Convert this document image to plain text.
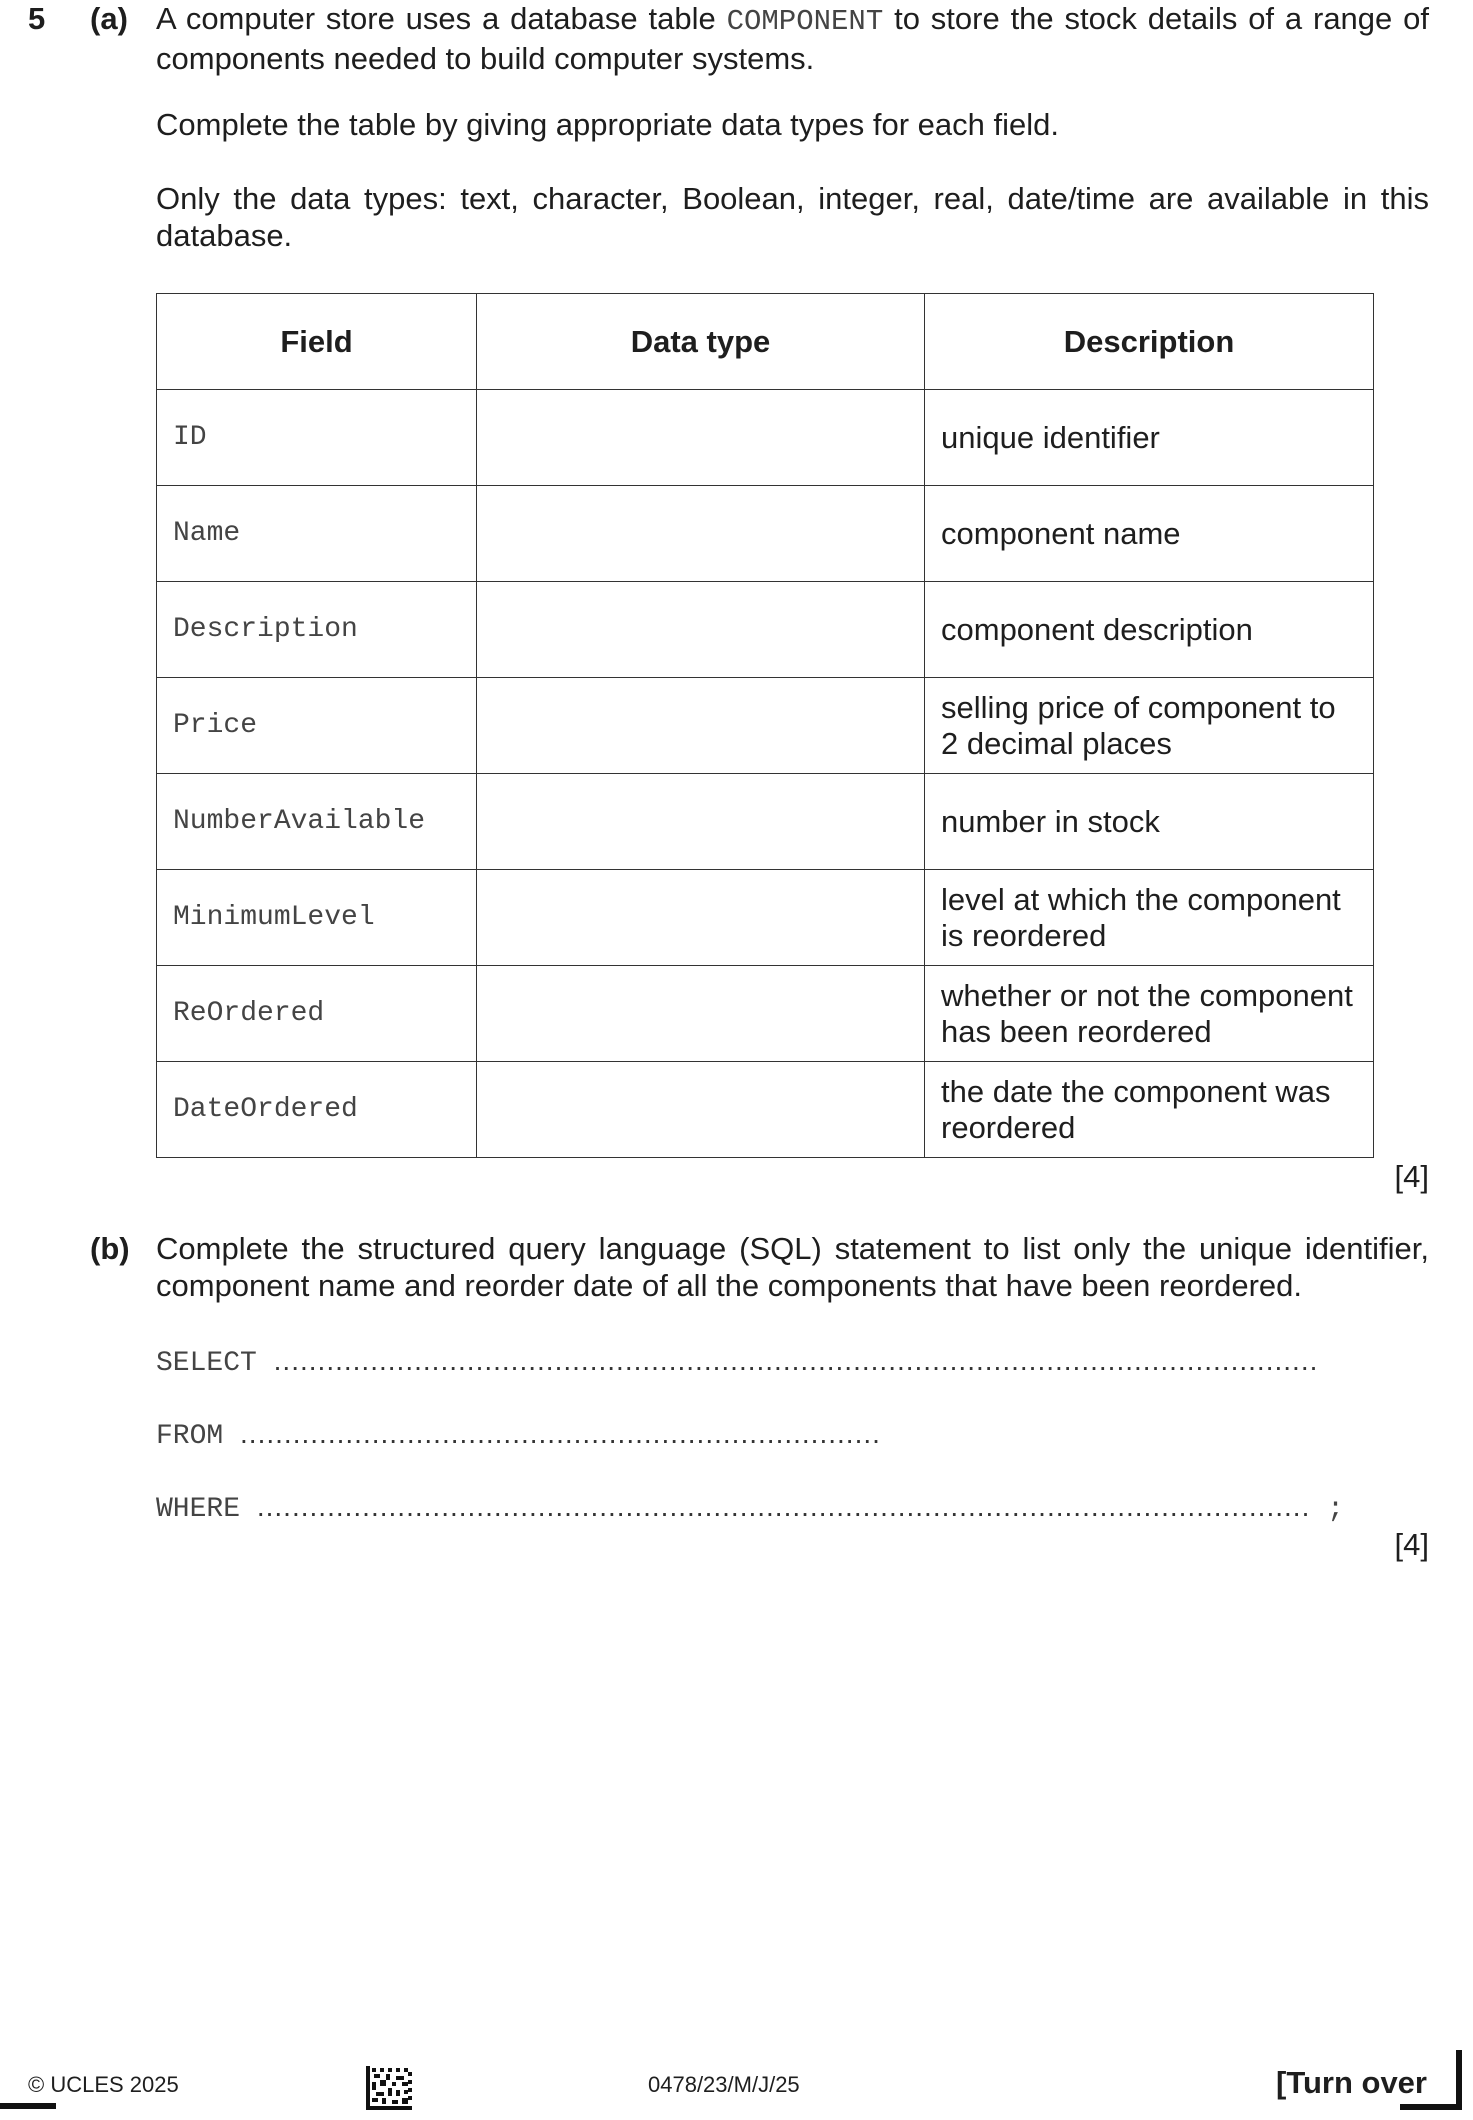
5 (a) A computer store uses a database table COMPONENT to store the stock details of a range of components needed to build computer systems.
Complete the table by giving appropriate data types for each field.
Only the data types: text, character, Boolean, integer, real, date/time are available in this database.
Field	Data type	Description
ID		unique identifier
Name		component name
Description		component description
Price		selling price of component to 2 decimal places
NumberAvailable		number in stock
MinimumLevel		level at which the component is reordered
ReOrdered		whether or not the component has been reordered
DateOrdered		the date the component was reordered
[4]
(b) Complete the structured query language (SQL) statement to list only the unique identifier, component name and reorder date of all the components that have been reordered.
SELECT .......................................................................................................................
FROM .........................................................................
WHERE ........................................................................................................................ ;
[4]
© UCLES 2025	0478/23/M/J/25	[Turn over
